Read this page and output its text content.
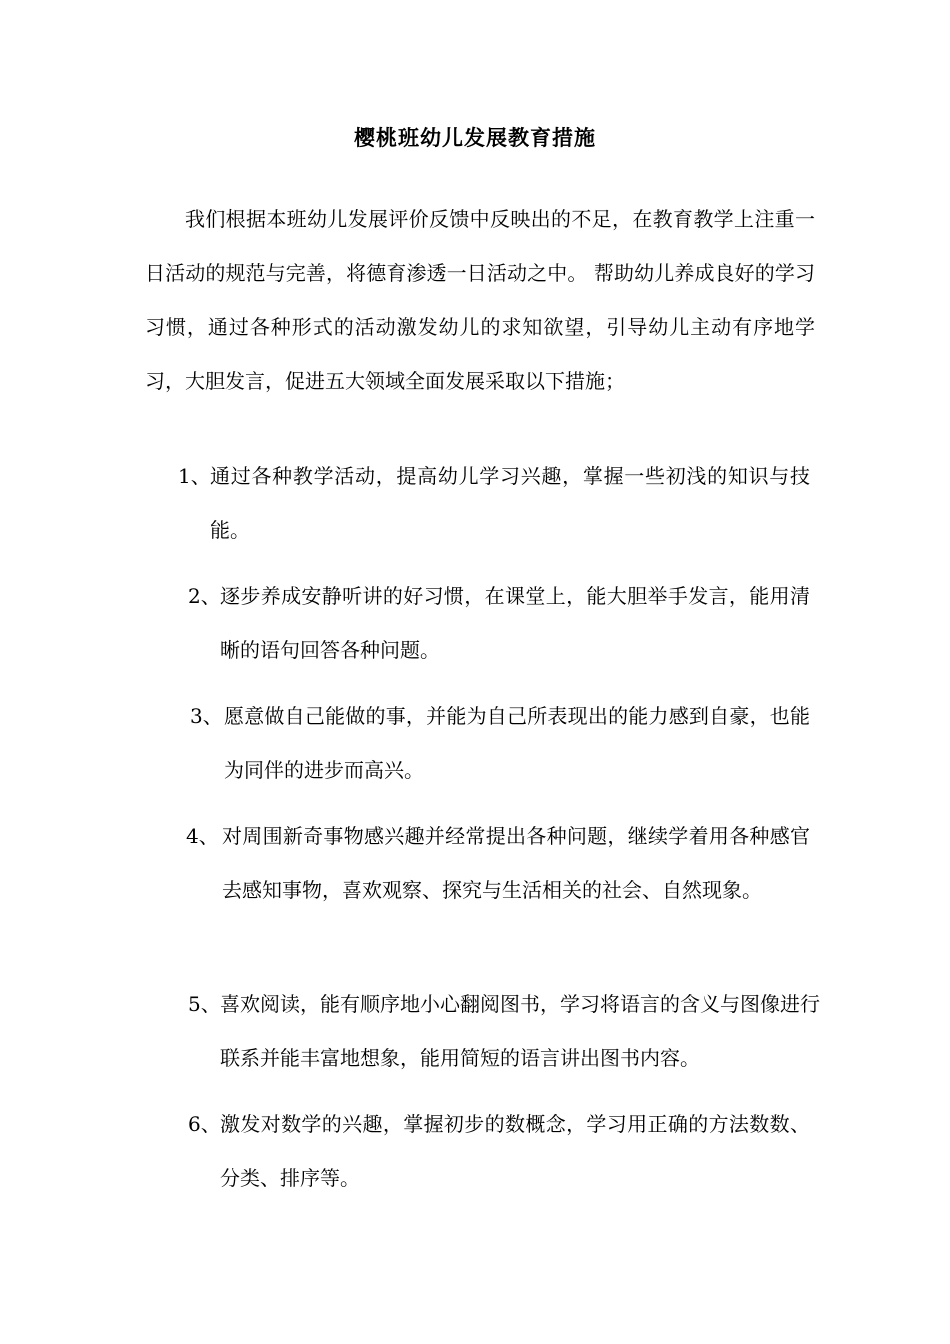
樱桃班幼儿发展教育措施

我们根据本班幼儿发展评价反馈中反映出的不足，在教育教学上注重一日活动的规范与完善，将德育渗透一日活动之中。 帮助幼儿养成良好的学习习惯，通过各种形式的活动激发幼儿的求知欲望，引导幼儿主动有序地学习，大胆发言，促进五大领域全面发展采取以下措施；

1、 通过各种教学活动，提高幼儿学习兴趣，掌握一些初浅的知识与技能。

2、 逐步养成安静听讲的好习惯，在课堂上，能大胆举手发言，能用清晰的语句回答各种问题。

3、 愿意做自己能做的事，并能为自己所表现出的能力感到自豪，也能为同伴的进步而高兴。

4、 对周围新奇事物感兴趣并经常提出各种问题，继续学着用各种感官去感知事物，喜欢观察、探究与生活相关的社会、自然现象。

5、 喜欢阅读，能有顺序地小心翻阅图书，学习将语言的含义与图像进行联系并能丰富地想象，能用简短的语言讲出图书内容。

6、 激发对数学的兴趣，掌握初步的数概念，学习用正确的方法数数、分类、排序等。
